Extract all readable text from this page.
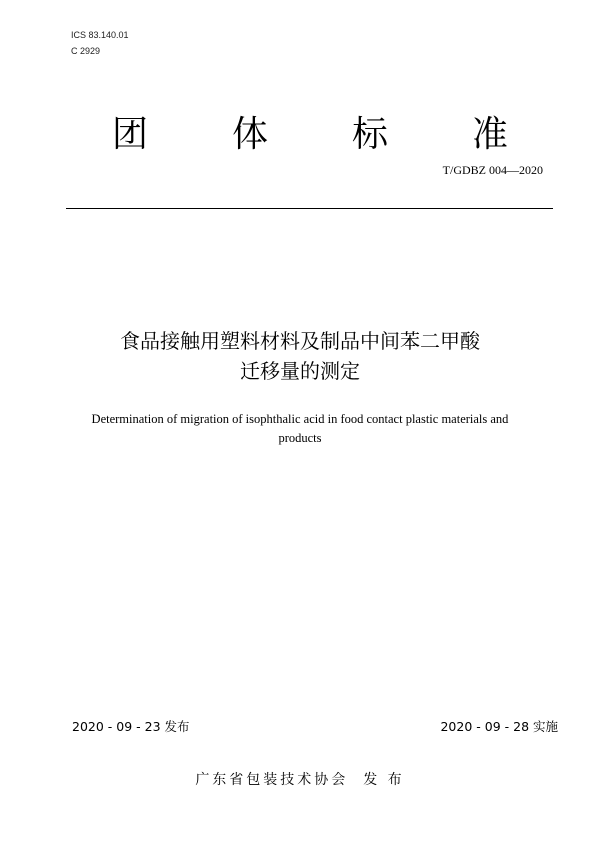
ICS 83.140.01
C 2929
团 体 标 准
T/GDBZ 004—2020
食品接触用塑料材料及制品中间苯二甲酸
迁移量的测定
Determination of migration of isophthalic acid in food contact plastic materials and
products
2020 - 09 - 23 发布	2020 - 09 - 28 实施
广东省包装技术协会  发 布
